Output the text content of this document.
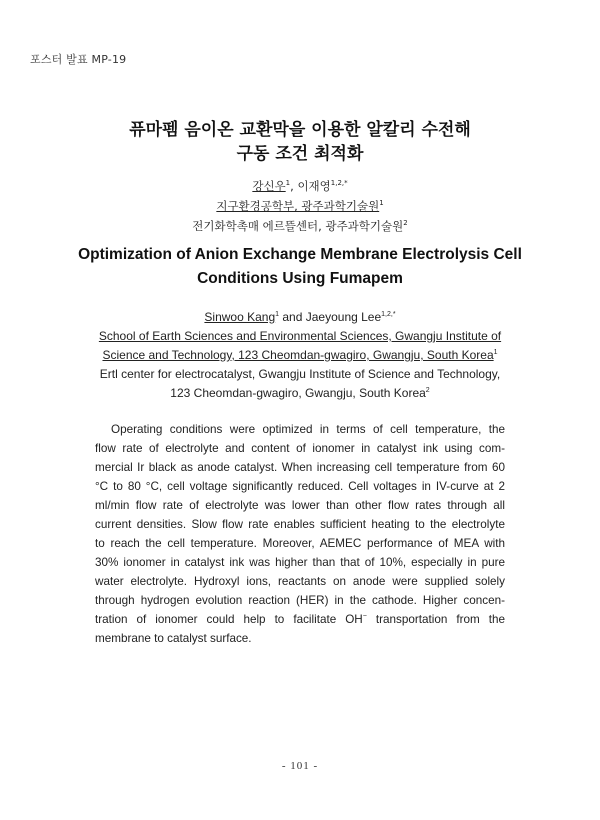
포스터 발표 MP-19
퓨마펨 음이온 교환막을 이용한 알칼리 수전해
구동 조건 최적화
강신우$^1$, 이재영$^{1,2,*}$
지구환경공학부, 광주과학기술원$^1$
전기화학촉매 에르뜰센터, 광주과학기술원$^2$
Optimization of Anion Exchange Membrane Electrolysis Cell
Conditions Using Fumapem
Sinwoo Kang$^1$ and Jaeyoung Lee$^{1,2,*}$
School of Earth Sciences and Environmental Sciences, Gwangju Institute of
Science and Technology, 123 Cheomdan-gwagiro, Gwangju, South Korea$^1$
Ertl center for electrocatalyst, Gwangju Institute of Science and Technology,
123 Cheomdan-gwagiro, Gwangju, South Korea$^2$
Operating conditions were optimized in terms of cell temperature, the
flow rate of electrolyte and content of ionomer in catalyst ink using com-
mercial Ir black as anode catalyst. When increasing cell temperature from 60
°C to 80 °C, cell voltage significantly reduced. Cell voltages in IV-curve at 2
ml/min flow rate of electrolyte was lower than other flow rates through all
current densities. Slow flow rate enables sufficient heating to the electrolyte
to reach the cell temperature. Moreover, AEMEC performance of MEA with
30% ionomer in catalyst ink was higher than that of 10%, especially in pure
water electrolyte. Hydroxyl ions, reactants on anode were supplied solely
through hydrogen evolution reaction (HER) in the cathode. Higher concen-
tration of ionomer could help to facilitate OH− transportation from the
membrane to catalyst surface.
- 101 -
